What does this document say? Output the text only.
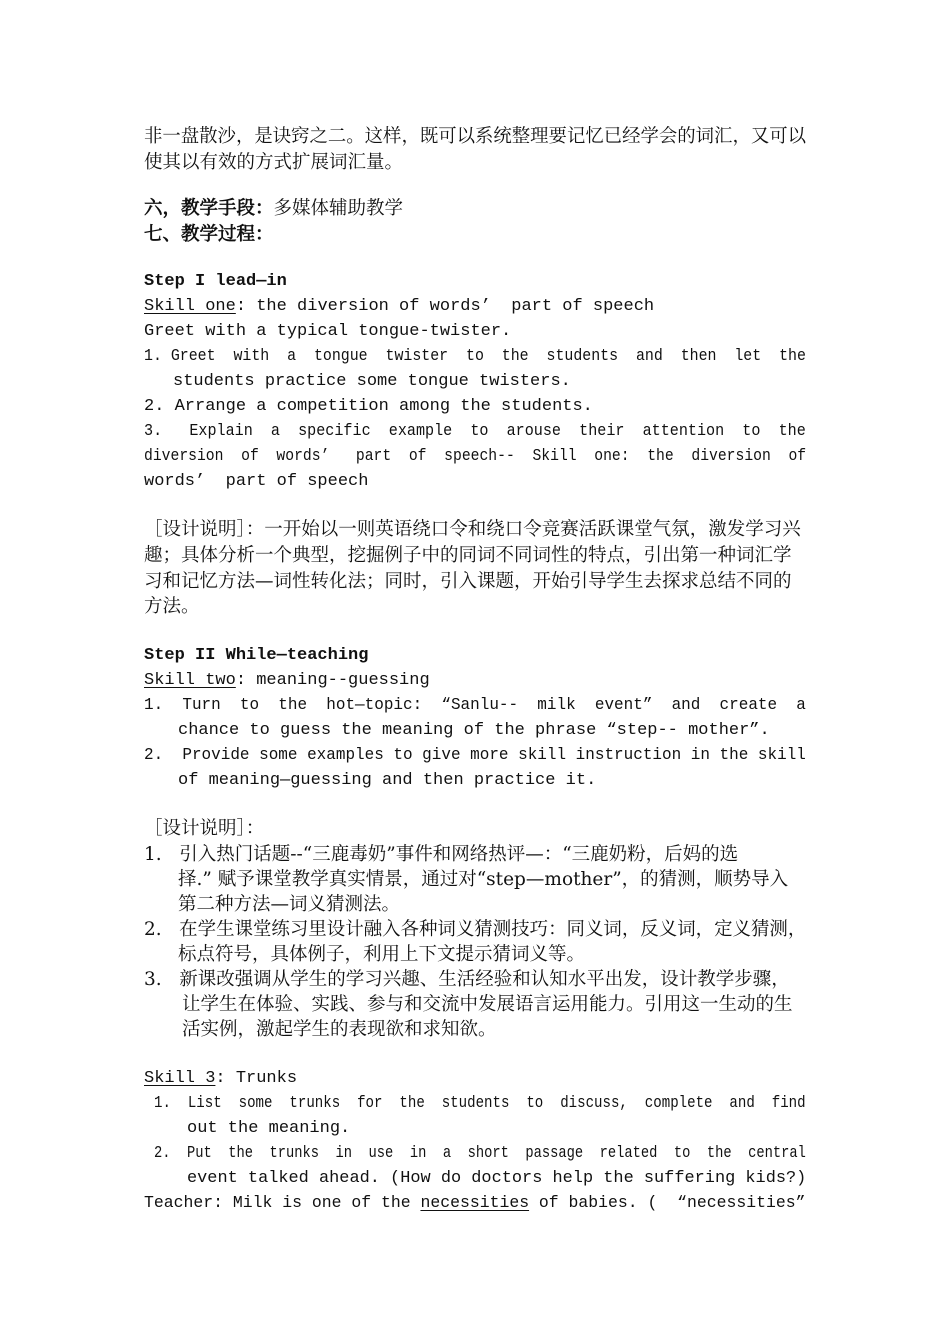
非一盘散沙，是诀窍之二。这样，既可以系统整理要记忆已经学会的词汇，又可以
使其以有效的方式扩展词汇量。
六，教学手段：多媒体辅助教学
七、教学过程：
Step I lead—in
Skill one: the diversion of words’  part of speech
Greet with a typical tongue-twister.
1. Greet  with  a  tongue  twister  to  the  students  and  then  let  the
students practice some tongue twisters.
2. Arrange a competition among the students.
3.   Explain  a  specific  example  to  arouse  their  attention  to  the
diversion  of  words’   part  of  speech--  Skill  one:  the  diversion  of
words’  part of speech
［设计说明］：一开始以一则英语绕口令和绕口令竞赛活跃课堂气氛，激发学习兴
趣；具体分析一个典型，挖掘例子中的同词不同词性的特点，引出第一种词汇学
习和记忆方法—词性转化法；同时，引入课题，开始引导学生去探求总结不同的
方法。
Step II While—teaching
Skill two: meaning--guessing
1.  Turn  to  the  hot—topic:  “Sanlu--  milk  event”  and  create  a
chance to guess the meaning of the phrase “step-- mother”.
2.  Provide some examples to give more skill instruction in the skill
of meaning—guessing and then practice it.
［设计说明］：
1.   引入热门话题--“三鹿毒奶”事件和网络热评—：“三鹿奶粉，后妈的选
择.” 赋予课堂教学真实情景，通过对“step—mother”，的猜测，顺势导入
第二种方法—词义猜测法。
2.   在学生课堂练习里设计融入各种词义猜测技巧：同义词，反义词，定义猜测，
标点符号，具体例子，利用上下文提示猜词义等。
3.   新课改强调从学生的学习兴趣、生活经验和认知水平出发，设计教学步骤，
让学生在体验、实践、参与和交流中发展语言运用能力。引用这一生动的生
活实例，激起学生的表现欲和求知欲。
Skill 3: Trunks
1.  List  some  trunks  for  the  students  to  discuss,  complete  and  find
out the meaning.
2.  Put  the  trunks  in  use  in  a  short  passage  related  to  the  central
event talked ahead. (How do doctors help the suffering kids?)
Teacher: Milk is one of the necessities of babies. (  “necessities”
